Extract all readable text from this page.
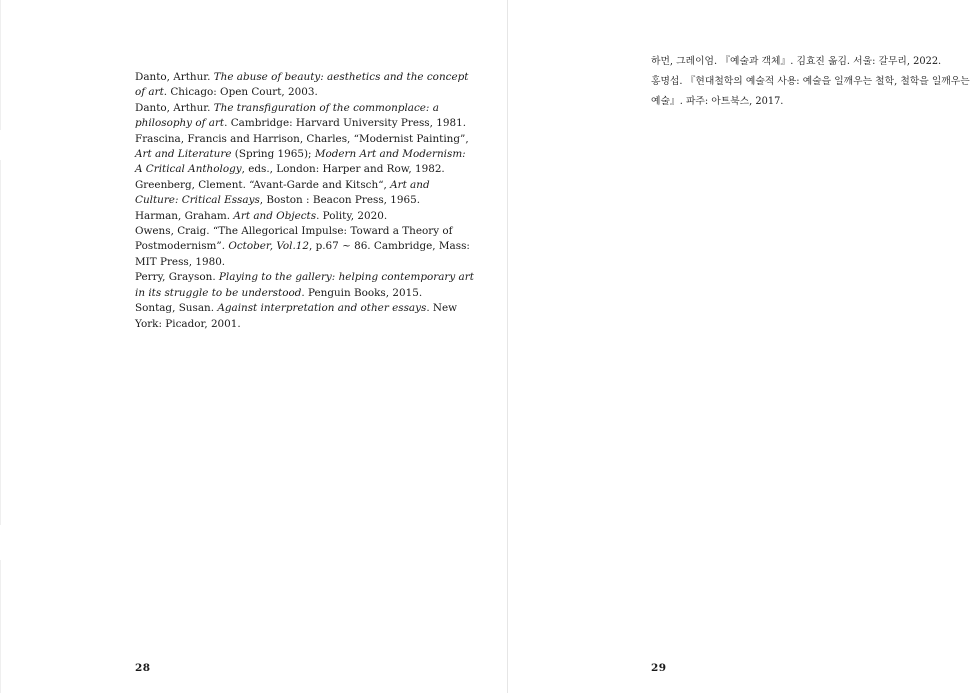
Danto, Arthur. The abuse of beauty: aesthetics and the concept of art. Chicago: Open Court, 2003.

Danto, Arthur. The transfiguration of the commonplace: a philosophy of art. Cambridge: Harvard University Press, 1981.

Frascina, Francis and Harrison, Charles, “Modernist Painting”, Art and Literature (Spring 1965); Modern Art and Modernism: A Critical Anthology, eds., London: Harper and Row, 1982.

Greenberg, Clement. “Avant-Garde and Kitsch“, Art and Culture: Critical Essays, Boston : Beacon Press, 1965.

Harman, Graham. Art and Objects. Polity, 2020.

Owens, Craig. “The Allegorical Impulse: Toward a Theory of Postmodernism”. October, Vol.12, p.67 ~ 86. Cambridge, Mass: MIT Press, 1980.

Perry, Grayson. Playing to the gallery: helping contemporary art in its struggle to be understood. Penguin Books, 2015.

Sontag, Susan. Against interpretation and other essays. New York: Picador, 2001.

28
하먼, 그레이엄. 『예술과 객체』. 김효진 옮김. 서울: 갈무리, 2022.
홍명섭. 『현대철학의 예술적 사용: 예술을 일깨우는 철학, 철학을 일깨우는
예술』. 파주: 아트북스, 2017.
29
